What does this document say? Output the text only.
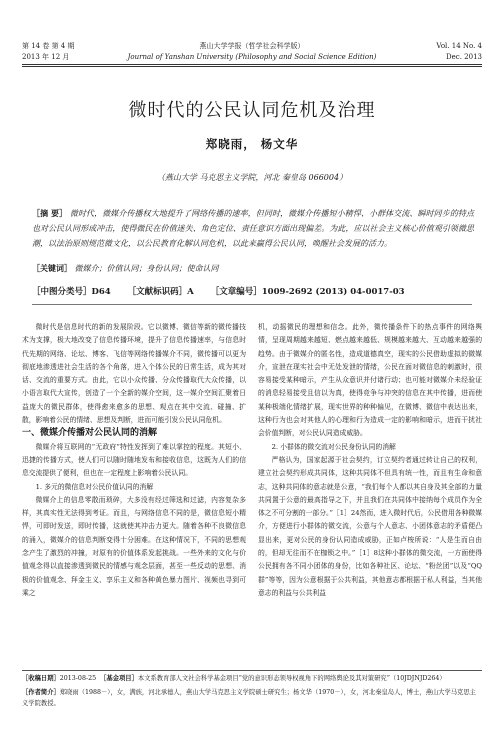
第 14 卷 第 4 期	燕山大学学报（哲学社会科学版）	Vol. 14 No. 4
2013 年 12 月	Journal of Yanshan University (Philosophy and Social Science Edition)	Dec. 2013
微时代的公民认同危机及治理
郑晓雨， 杨文华
（燕山大学 马克思主义学院，河北 秦皇岛 066004）
［摘 要］ 微时代，微媒介传播权大地提升了网络传播的速率，但同时，微媒介传播短小精悍、小群体交流、瞬时同步的特点也对公民认同形成冲击，使得微民在价值迷失、角色定位、责任意识方面出现偏差。为此，应以社会主义核心价值观引领微思潮，以法治原则规范微文化，以公民教育化解认同危机，以此来赢得公民认同，唤醒社会发展的活力。
［关键词］ 微媒介；价值认同；身份认同；使命认同
［中图分类号］D64 ［文献标识码］A ［文章编号］1009-2692 (2013) 04-0017-03

微时代是信息时代的新的发展阶段。它以微博、微信等新的微传播技术为支撑，极大地改变了信息传播环境，提升了信息传播速率，与信息时代先期的网络、论坛、博客、飞信等网络传播媒介不同，微传播可以更为彻底地渗透进社会生活的各个角落，进入个体公民的日常生活，成为其对话、交流的重要方式。由此，它以小众传播、分众传播取代大众传播，以小语言取代大宣传，创造了一个全新的媒介空间，这一媒介空间汇聚着日益庞大的微民群体，使得愈来愈多的思想、观点在其中交流、碰撞、扩散，影响着公民的情绪、思想及判断，进而可能引发公民认同危机。

一、微媒介传播对公民认同的消解

微媒介将互联网的“无政府”特性发挥到了难以掌控的程度。其短小、迅捷的传播方式，使人们可以随时随地发布和接收信息，这既为人们的信息交流提供了便利，但也在一定程度上影响着公民认同。

1. 多元的微信息对公民价值认同的消解

微媒介上的信息零散而琐碎，大多没有经过筛选和过滤，内容复杂多样，其真实性无法得到考证。而且，与网络信息不同的是，微信息短小精悍，可即时发送，即时传播，这就使其冲击力更大。随着各种不良微信息的涌入，微媒介的信息判断变得十分困难。在这种情况下，不同的思想观念产生了激烈的冲撞，对原有的价值体系发起挑战。一些外来的文化与价值观念得以直接渗透到微民的情感与观念层面，甚至一些反动的思想、消极的价值观念、拜金主义、享乐主义和各种黄色暴力图片、视频也寻到可乘之

机，动摇微民的理想和信念。此外，微传播条件下的热点事件的网络舆情，呈现周期越来越短、燃点越来越低、规模越来越大、互动越来越强的趋势。由于微媒介的匿名性，造成道德真空，现实的公民借助虚拟的微媒介，宣泄在现实社会中无处发泄的情绪，公民在面对微信息的刺激时，很容易接受某种暗示，产生从众意识并付诸行动；也可能对微媒介未经验证的消息轻易接受且信以为真，使得竞争与冲突的信息在其中传播，进而使某种极端化情绪扩展，现实世界的种种偏见，在微博、微信中表达出来，这种行为也会对其他人的心理和行为造成一定的影响和暗示，进而干扰社会价值判断，对公民认同造成威胁。

2. 小群体的微交流对公民身份认同的消解

严格认为，国家起源于社会契约，订立契约者通过转让自己的权利，建立社会契约形成共同体，这种共同体不但具有统一性，而且有生命和意志，这种共同体的意志就是公意，“我们每个人都以其自身及其全部的力量共同置于公意的最高指导之下，并且我们在共同体中接纳每个成员作为全体之不可分割的一部分。”［1］24然而，进入微时代后，公民借用各种微媒介，方便进行小群体的微交流，公意与个人意志、小团体意志的矛盾便凸显出来，更对公民的身份认同造成威胁，正如卢梭所说：“人是生而自由的，但却无往而不在枷锁之中。”［1］8这种小群体的微交流，一方面使得公民拥有各不同小团体的身份，比如各种社区、论坛、“粉丝团”以及“QQ 群”等等，因为公意根据于公共利益，其他意志都根据于私人利益，当其他意志的利益与公共利益

［收稿日期］2013-08-25 ［基金项目］本文系教育部人文社会科学基金项目“党的意识形态领导权视角下的网络舆论及其对策研究”（10JDJNJD264）
［作者简介］郑晓雨（1988－），女，满族，河北承德人，燕山大学马克思主义学院硕士研究生；杨文华（1970－），女，河北秦皇岛人，博士，燕山大学马克思主义学院教授。
